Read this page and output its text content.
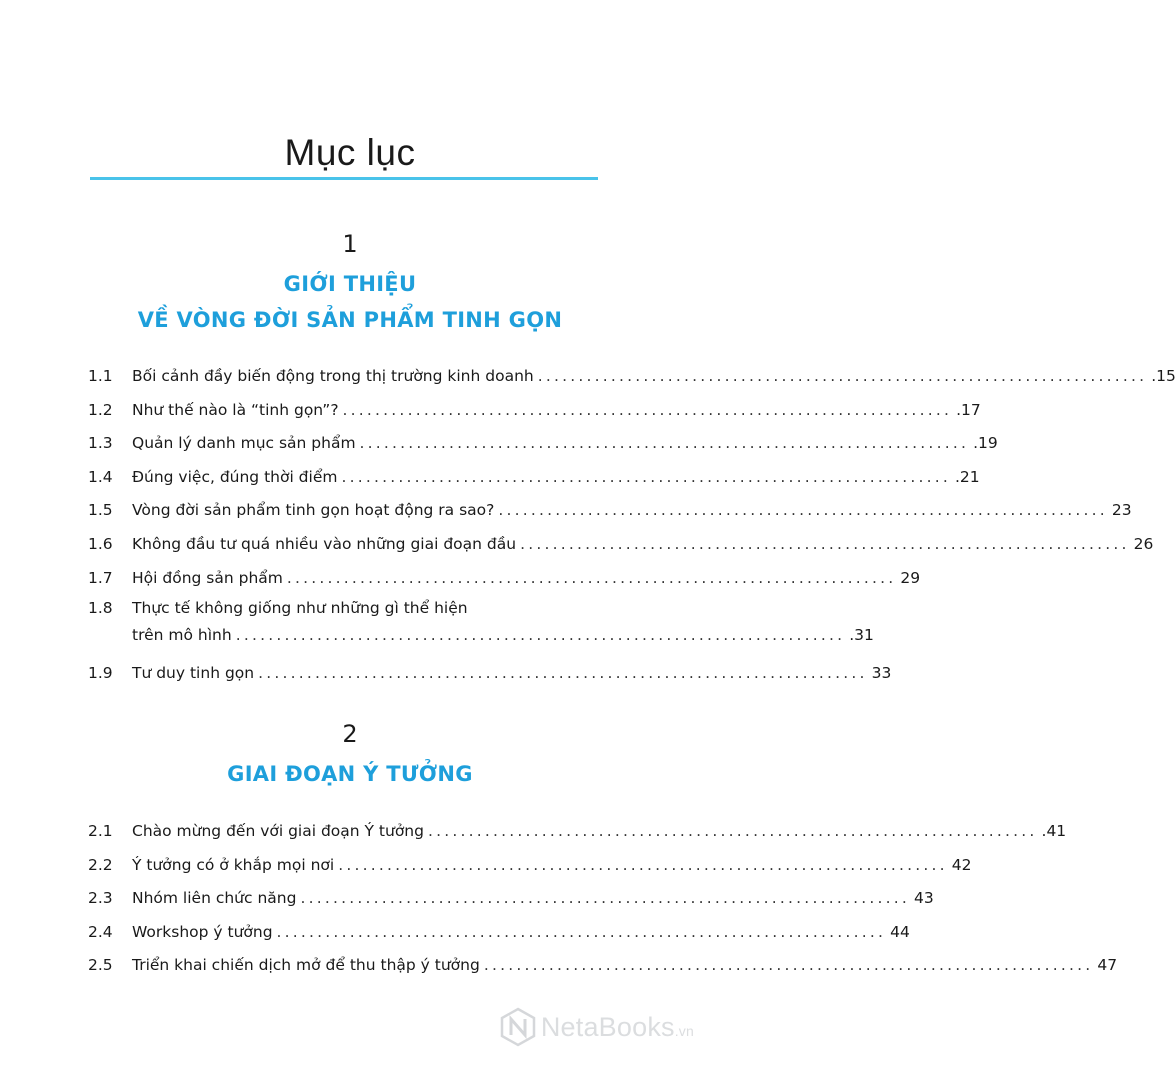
Mục lục
1
GIỚI THIỆU
VỀ VÒNG ĐỜI SẢN PHẨM TINH GỌN
1.1 Bối cảnh đầy biến động trong thị trường kinh doanh ........................................................................... .15
1.2 Như thế nào là “tinh gọn”? ........................................................................... .17
1.3 Quản lý danh mục sản phẩm ........................................................................... .19
1.4 Đúng việc, đúng thời điểm ........................................................................... .21
1.5 Vòng đời sản phẩm tinh gọn hoạt động ra sao? ........................................................................... 23
1.6 Không đầu tư quá nhiều vào những giai đoạn đầu ........................................................................... 26
1.7 Hội đồng sản phẩm ........................................................................... 29
1.8 Thực tế không giống như những gì thể hiện
trên mô hình ........................................................................... .31
1.9 Tư duy tinh gọn ........................................................................... 33
2
GIAI ĐOẠN Ý TƯỞNG
2.1 Chào mừng đến với giai đoạn Ý tưởng ........................................................................... .41
2.2 Ý tưởng có ở khắp mọi nơi ........................................................................... 42
2.3 Nhóm liên chức năng ........................................................................... 43
2.4 Workshop ý tưởng ........................................................................... 44
2.5 Triển khai chiến dịch mở để thu thập ý tưởng ........................................................................... 47
NetaBooks.vn
